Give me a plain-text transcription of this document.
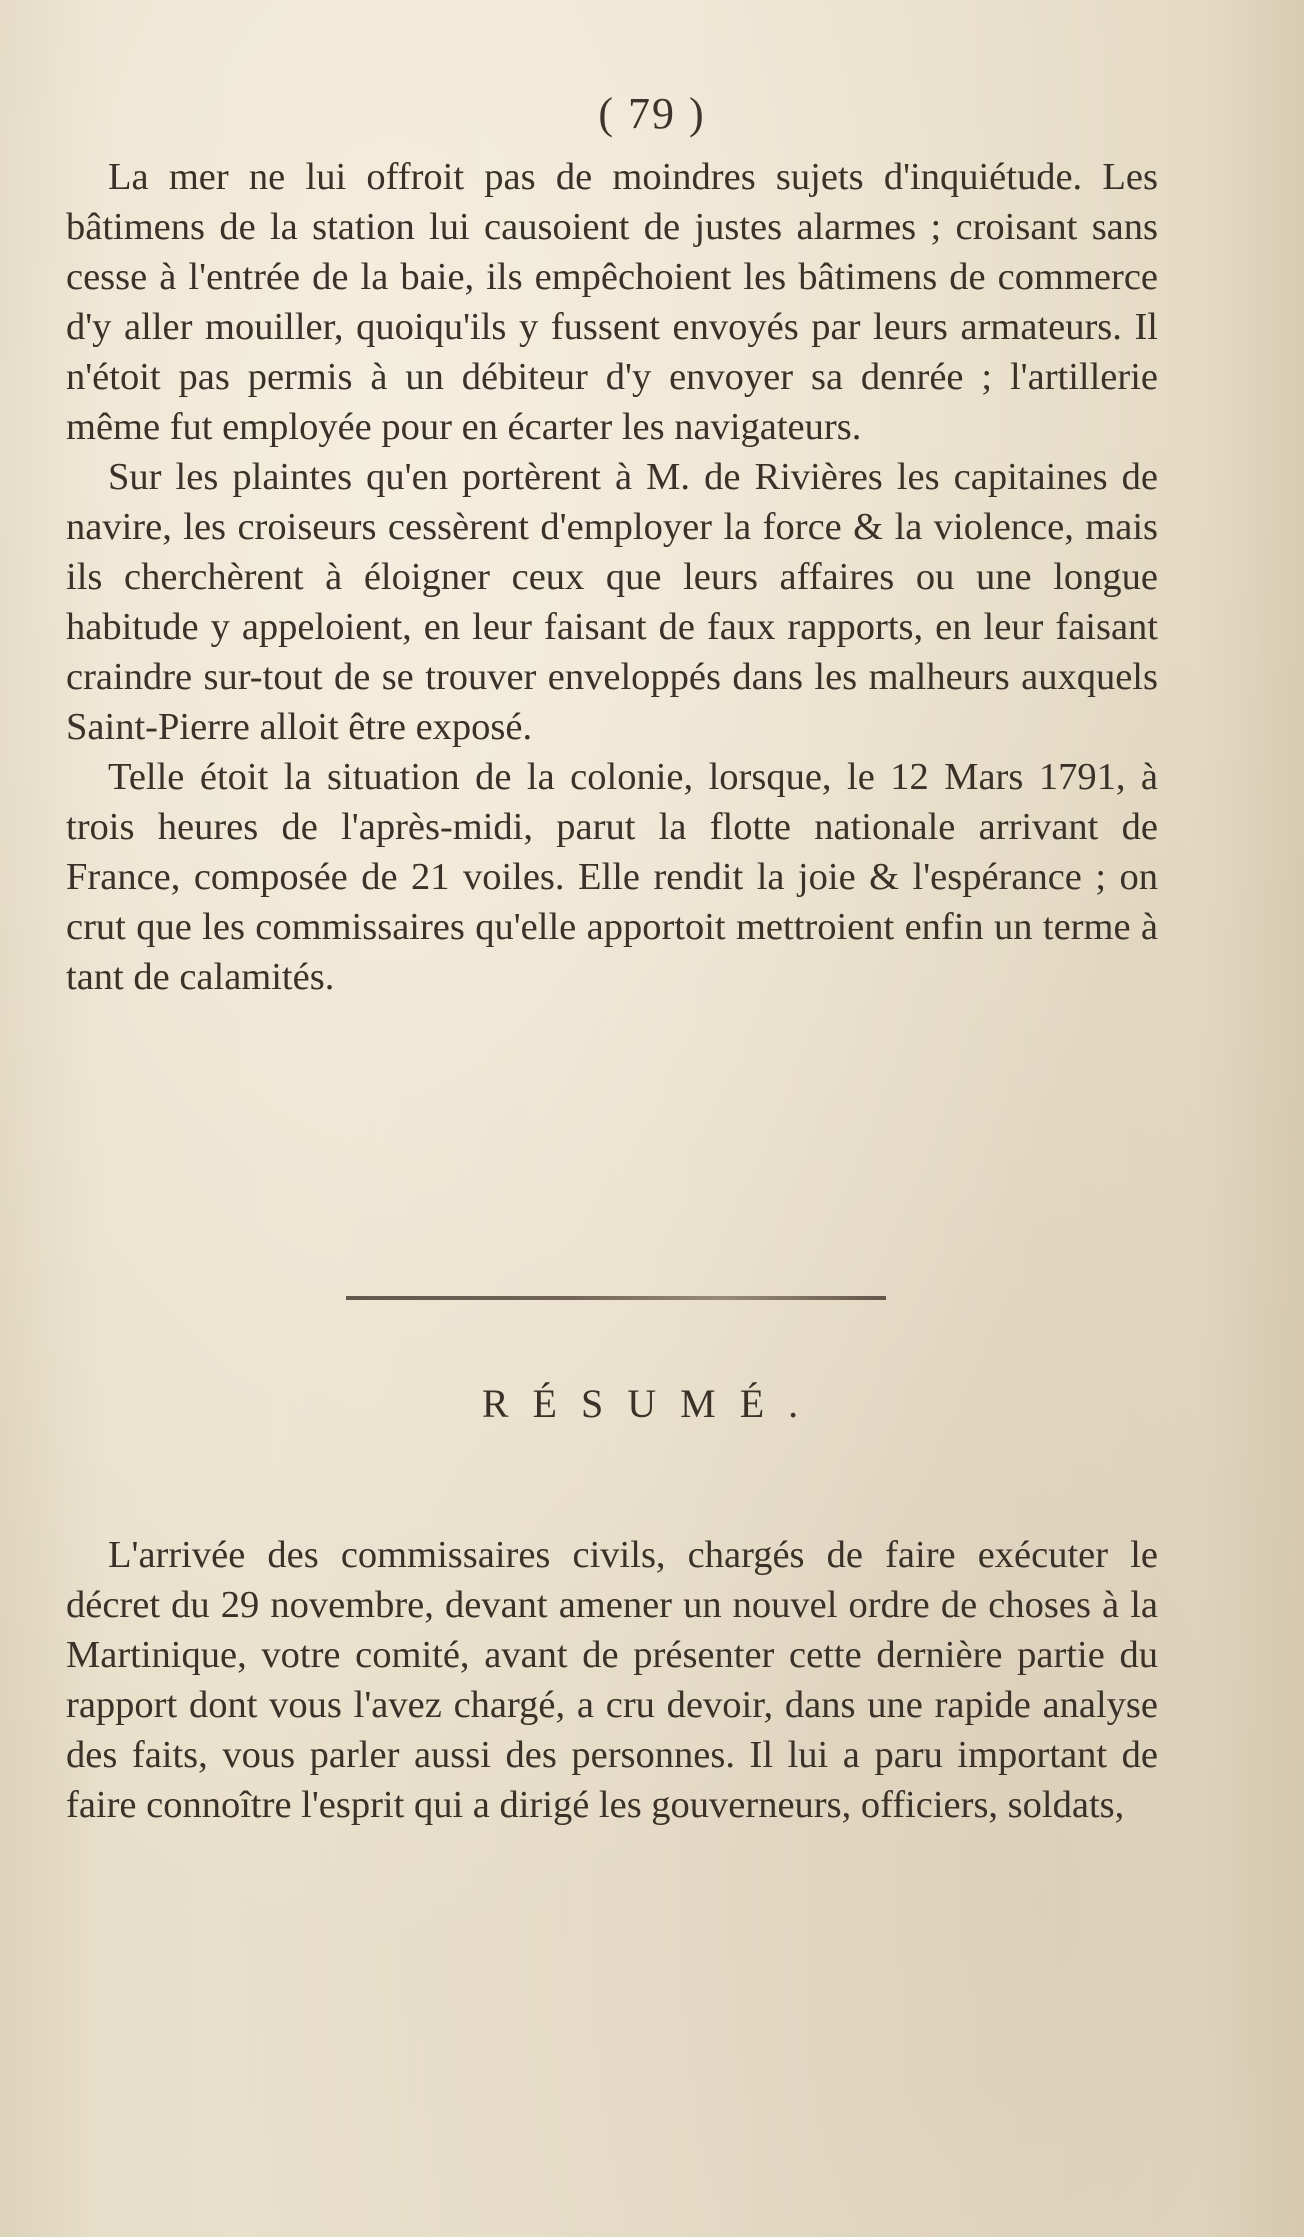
( 79 )

La mer ne lui offroit pas de moindres sujets d'inquiétude. Les bâtimens de la station lui causoient de justes alarmes ; croisant sans cesse à l'entrée de la baie, ils empêchoient les bâtimens de commerce d'y aller mouiller, quoiqu'ils y fussent envoyés par leurs armateurs. Il n'étoit pas permis à un débiteur d'y envoyer sa denrée ; l'artillerie même fut employée pour en écarter les navigateurs.

Sur les plaintes qu'en portèrent à M. de Rivières les capitaines de navire, les croiseurs cessèrent d'employer la force & la violence, mais ils cherchèrent à éloigner ceux que leurs affaires ou une longue habitude y appeloient, en leur faisant de faux rapports, en leur faisant craindre sur-tout de se trouver enveloppés dans les malheurs auxquels Saint-Pierre alloit être exposé.

Telle étoit la situation de la colonie, lorsque, le 12 Mars 1791, à trois heures de l'après-midi, parut la flotte nationale arrivant de France, composée de 21 voiles. Elle rendit la joie & l'espérance ; on crut que les commissaires qu'elle apportoit mettroient enfin un terme à tant de calamités.

RÉSUMÉ.

L'arrivée des commissaires civils, chargés de faire exécuter le décret du 29 novembre, devant amener un nouvel ordre de choses à la Martinique, votre comité, avant de présenter cette dernière partie du rapport dont vous l'avez chargé, a cru devoir, dans une rapide analyse des faits, vous parler aussi des personnes. Il lui a paru important de faire connoître l'esprit qui a dirigé les gouverneurs, officiers, soldats,
